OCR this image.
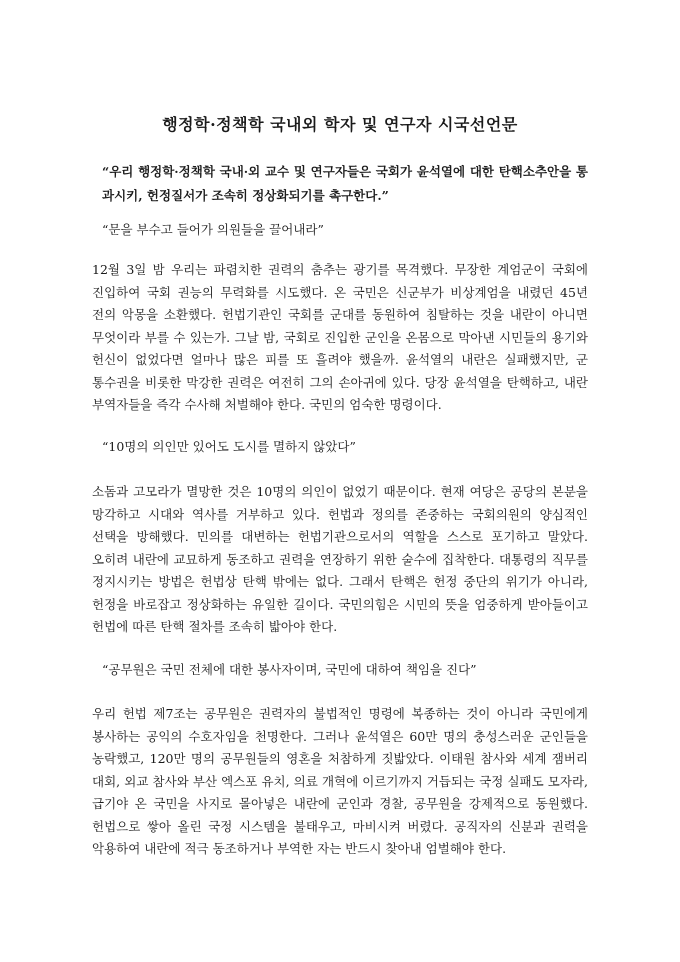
행정학·정책학 국내외 학자 및 연구자 시국선언문

“우리 행정학·정책학 국내·외 교수 및 연구자들은 국회가 윤석열에 대한 탄핵소추안을 통과시키, 헌정질서가 조속히 정상화되기를 촉구한다.”

“문을 부수고 들어가 의원들을 끌어내라”

12월 3일 밤 우리는 파렴치한 권력의 춤추는 광기를 목격했다. 무장한 계엄군이 국회에 진입하여 국회 권능의 무력화를 시도했다. 온 국민은 신군부가 비상계엄을 내렸던 45년 전의 악몽을 소환했다. 헌법기관인 국회를 군대를 동원하여 침탈하는 것을 내란이 아니면 무엇이라 부를 수 있는가. 그날 밤, 국회로 진입한 군인을 온몸으로 막아낸 시민들의 용기와 헌신이 없었다면 얼마나 많은 피를 또 흘려야 했을까. 윤석열의 내란은 실패했지만, 군 통수권을 비롯한 막강한 권력은 여전히 그의 손아귀에 있다. 당장 윤석열을 탄핵하고, 내란 부역자들을 즉각 수사해 처벌해야 한다. 국민의 엄숙한 명령이다.

“10명의 의인만 있어도 도시를 멸하지 않았다”

소돔과 고모라가 멸망한 것은 10명의 의인이 없었기 때문이다. 현재 여당은 공당의 본분을 망각하고 시대와 역사를 거부하고 있다. 헌법과 정의를 존중하는 국회의원의 양심적인 선택을 방해했다. 민의를 대변하는 헌법기관으로서의 역할을 스스로 포기하고 말았다. 오히려 내란에 교묘하게 동조하고 권력을 연장하기 위한 술수에 집착한다. 대통령의 직무를 정지시키는 방법은 헌법상 탄핵 밖에는 없다. 그래서 탄핵은 헌정 중단의 위기가 아니라, 헌정을 바로잡고 정상화하는 유일한 길이다. 국민의힘은 시민의 뜻을 엄중하게 받아들이고 헌법에 따른 탄핵 절차를 조속히 밟아야 한다.

“공무원은 국민 전체에 대한 봉사자이며, 국민에 대하여 책임을 진다”

우리 헌법 제7조는 공무원은 권력자의 불법적인 명령에 복종하는 것이 아니라 국민에게 봉사하는 공익의 수호자임을 천명한다. 그러나 윤석열은 60만 명의 충성스러운 군인들을 농락했고, 120만 명의 공무원들의 영혼을 처참하게 짓밟았다. 이태원 참사와 세계 잼버리 대회, 외교 참사와 부산 엑스포 유치, 의료 개혁에 이르기까지 거듭되는 국정 실패도 모자라, 급기야 온 국민을 사지로 몰아넣은 내란에 군인과 경찰, 공무원을 강제적으로 동원했다. 헌법으로 쌓아 올린 국정 시스템을 불태우고, 마비시켜 버렸다. 공직자의 신분과 권력을 악용하여 내란에 적극 동조하거나 부역한 자는 반드시 찾아내 엄벌해야 한다.
